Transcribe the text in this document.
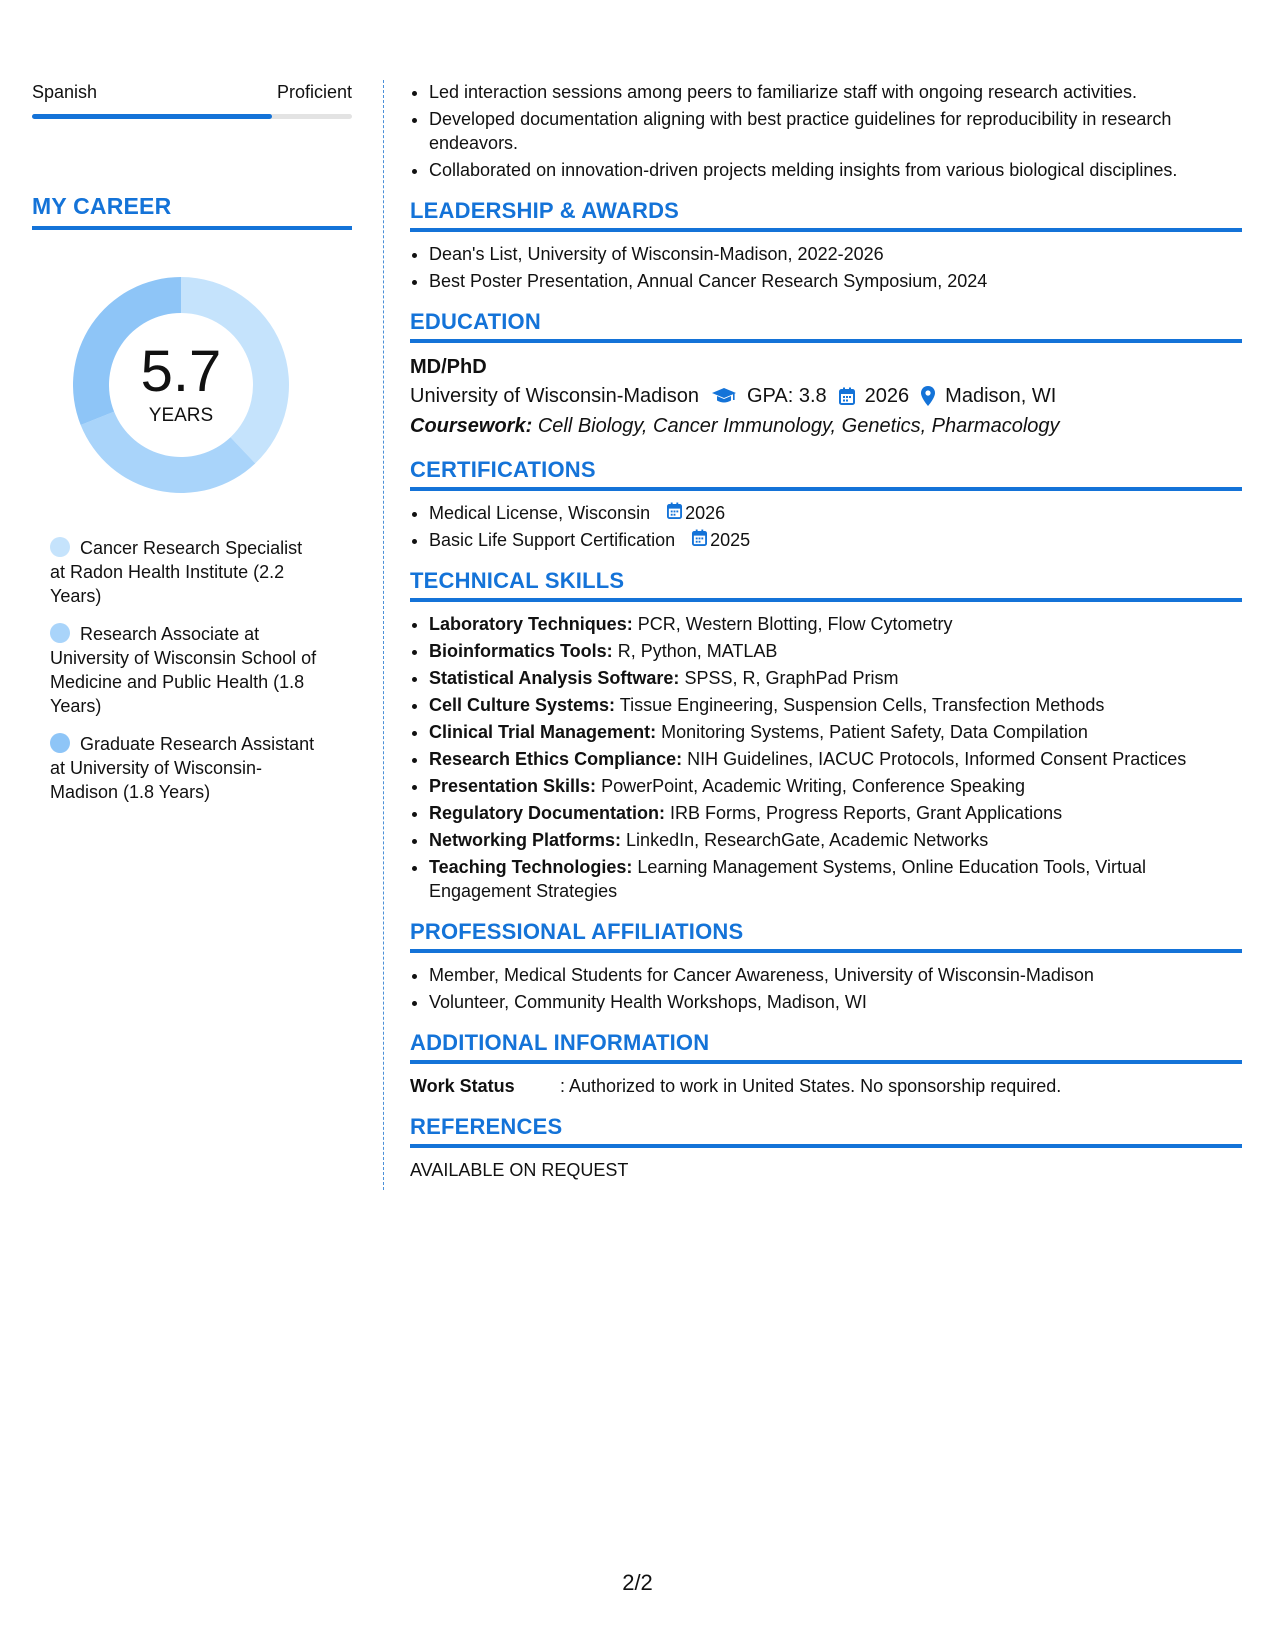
Spanish	Proficient
MY CAREER
5.7
YEARS
Cancer Research Specialist at Radon Health Institute (2.2 Years)
Research Associate at University of Wisconsin School of Medicine and Public Health (1.8 Years)
Graduate Research Assistant at University of Wisconsin-Madison (1.8 Years)
• Led interaction sessions among peers to familiarize staff with ongoing research activities.
• Developed documentation aligning with best practice guidelines for reproducibility in research endeavors.
• Collaborated on innovation-driven projects melding insights from various biological disciplines.
LEADERSHIP & AWARDS
• Dean's List, University of Wisconsin-Madison, 2022-2026
• Best Poster Presentation, Annual Cancer Research Symposium, 2024
EDUCATION
MD/PhD
University of Wisconsin-Madison GPA: 3.8 2026 Madison, WI
Coursework: Cell Biology, Cancer Immunology, Genetics, Pharmacology
CERTIFICATIONS
• Medical License, Wisconsin 2026
• Basic Life Support Certification 2025
TECHNICAL SKILLS
• Laboratory Techniques: PCR, Western Blotting, Flow Cytometry
• Bioinformatics Tools: R, Python, MATLAB
• Statistical Analysis Software: SPSS, R, GraphPad Prism
• Cell Culture Systems: Tissue Engineering, Suspension Cells, Transfection Methods
• Clinical Trial Management: Monitoring Systems, Patient Safety, Data Compilation
• Research Ethics Compliance: NIH Guidelines, IACUC Protocols, Informed Consent Practices
• Presentation Skills: PowerPoint, Academic Writing, Conference Speaking
• Regulatory Documentation: IRB Forms, Progress Reports, Grant Applications
• Networking Platforms: LinkedIn, ResearchGate, Academic Networks
• Teaching Technologies: Learning Management Systems, Online Education Tools, Virtual Engagement Strategies
PROFESSIONAL AFFILIATIONS
• Member, Medical Students for Cancer Awareness, University of Wisconsin-Madison
• Volunteer, Community Health Workshops, Madison, WI
ADDITIONAL INFORMATION
Work Status	: Authorized to work in United States. No sponsorship required.
REFERENCES
AVAILABLE ON REQUEST
2/2
